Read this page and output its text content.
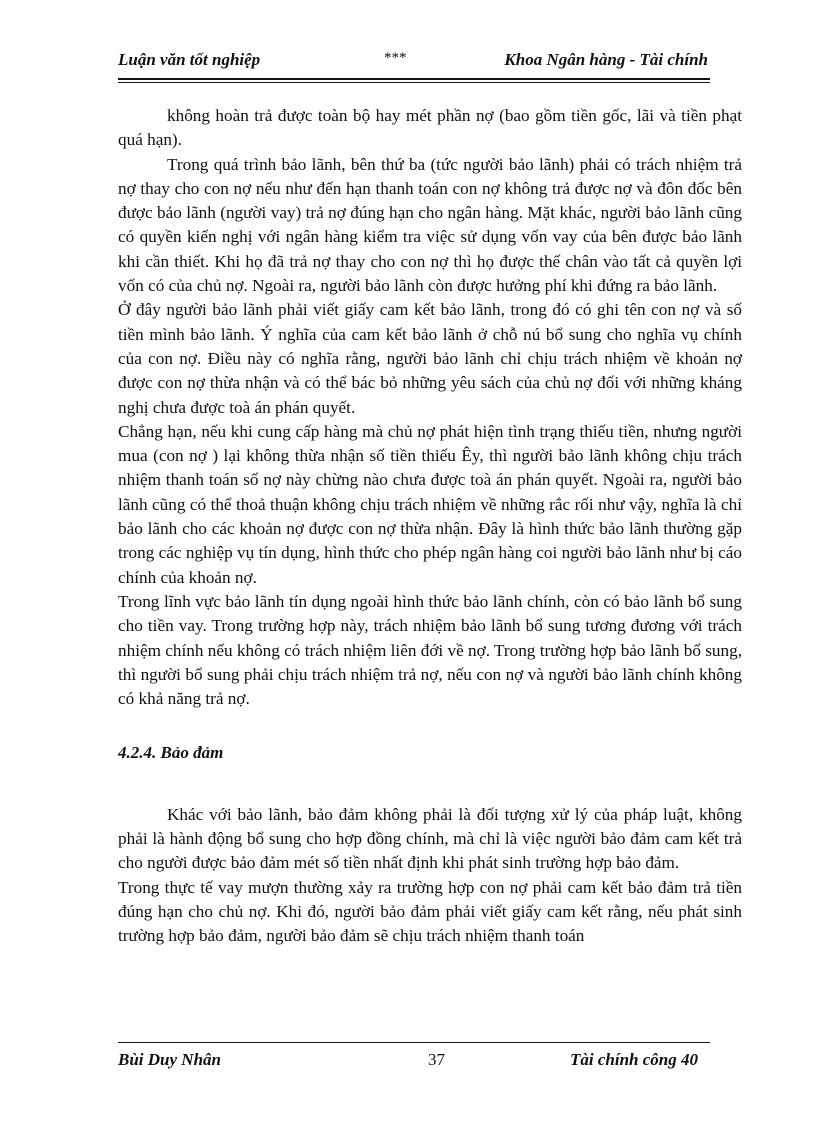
Luận văn tốt nghiệp	***	Khoa Ngân hàng - Tài chính

không hoàn trả được toàn bộ hay mét phần nợ (bao gồm tiền gốc, lãi và tiền phạt quá hạn).

Trong quá trình bảo lãnh, bên thứ ba (tức người bảo lãnh) phải có trách nhiệm trả nợ thay cho con nợ nếu như đến hạn thanh toán con nợ không trả được nợ và đôn đốc bên được bảo lãnh (người vay) trả nợ đúng hạn cho ngân hàng. Mặt khác, người bảo lãnh cũng có quyền kiến nghị với ngân hàng kiểm tra việc sử dụng vốn vay của bên được bảo lãnh khi cần thiết. Khi họ đã trả nợ thay cho con nợ thì họ được thế chân vào tất cả quyền lợi vốn có của chủ nợ. Ngoài ra, người bảo lãnh còn được hưởng phí khi đứng ra bảo lãnh.

Ở đây người bảo lãnh phải viết giấy cam kết bảo lãnh, trong đó có ghi tên con nợ và số tiền mình bảo lãnh. Ý nghĩa của cam kết bảo lãnh ở chỗ nú bổ sung cho nghĩa vụ chính của con nợ. Điều này có nghĩa rằng, người bảo lãnh chỉ chịu trách nhiệm về khoản nợ được con nợ thừa nhận và có thể bác bỏ những yêu sách của chủ nợ đối với những kháng nghị chưa được toà án phán quyết.

Chẳng hạn, nếu khi cung cấp hàng mà chủ nợ phát hiện tình trạng thiếu tiền, nhưng người mua (con nợ ) lại không thừa nhận số tiền thiếu Êy, thì người bảo lãnh không chịu trách nhiệm thanh toán số nợ này chừng nào chưa được toà án phán quyết. Ngoài ra, người bảo lãnh cũng có thể thoả thuận không chịu trách nhiệm về những rắc rối như vậy, nghĩa là chỉ bảo lãnh cho các khoản nợ được con nợ thừa nhận. Đây là hình thức bảo lãnh thường gặp trong các nghiệp vụ tín dụng, hình thức cho phép ngân hàng coi người bảo lãnh như bị cáo chính của khoản nợ.

Trong lĩnh vực bảo lãnh tín dụng ngoài hình thức bảo lãnh chính, còn có bảo lãnh bổ sung cho tiền vay. Trong trường hợp này, trách nhiệm bảo lãnh bổ sung tương đương với trách nhiệm chính nếu không có trách nhiệm liên đới về nợ. Trong trường hợp bảo lãnh bổ sung, thì người bổ sung phải chịu trách nhiệm trả nợ, nếu con nợ và người bảo lãnh chính không có khả năng trả nợ.

4.2.4. Bảo đảm

Khác với bảo lãnh, bảo đảm không phải là đối tượng xử lý của pháp luật, không phải là hành động bổ sung cho hợp đồng chính, mà chỉ là việc người bảo đảm cam kết trả cho người được bảo đảm mét số tiền nhất định khi phát sinh trường hợp bảo đảm.

Trong thực tế vay mượn thường xảy ra trường hợp con nợ phải cam kết bảo đảm trả tiền đúng hạn cho chủ nợ. Khi đó, người bảo đảm phải viết giấy cam kết rằng, nếu phát sinh trường hợp bảo đảm, người bảo đảm sẽ chịu trách nhiệm thanh toán

Bùi Duy Nhân	37	Tài chính công 40
